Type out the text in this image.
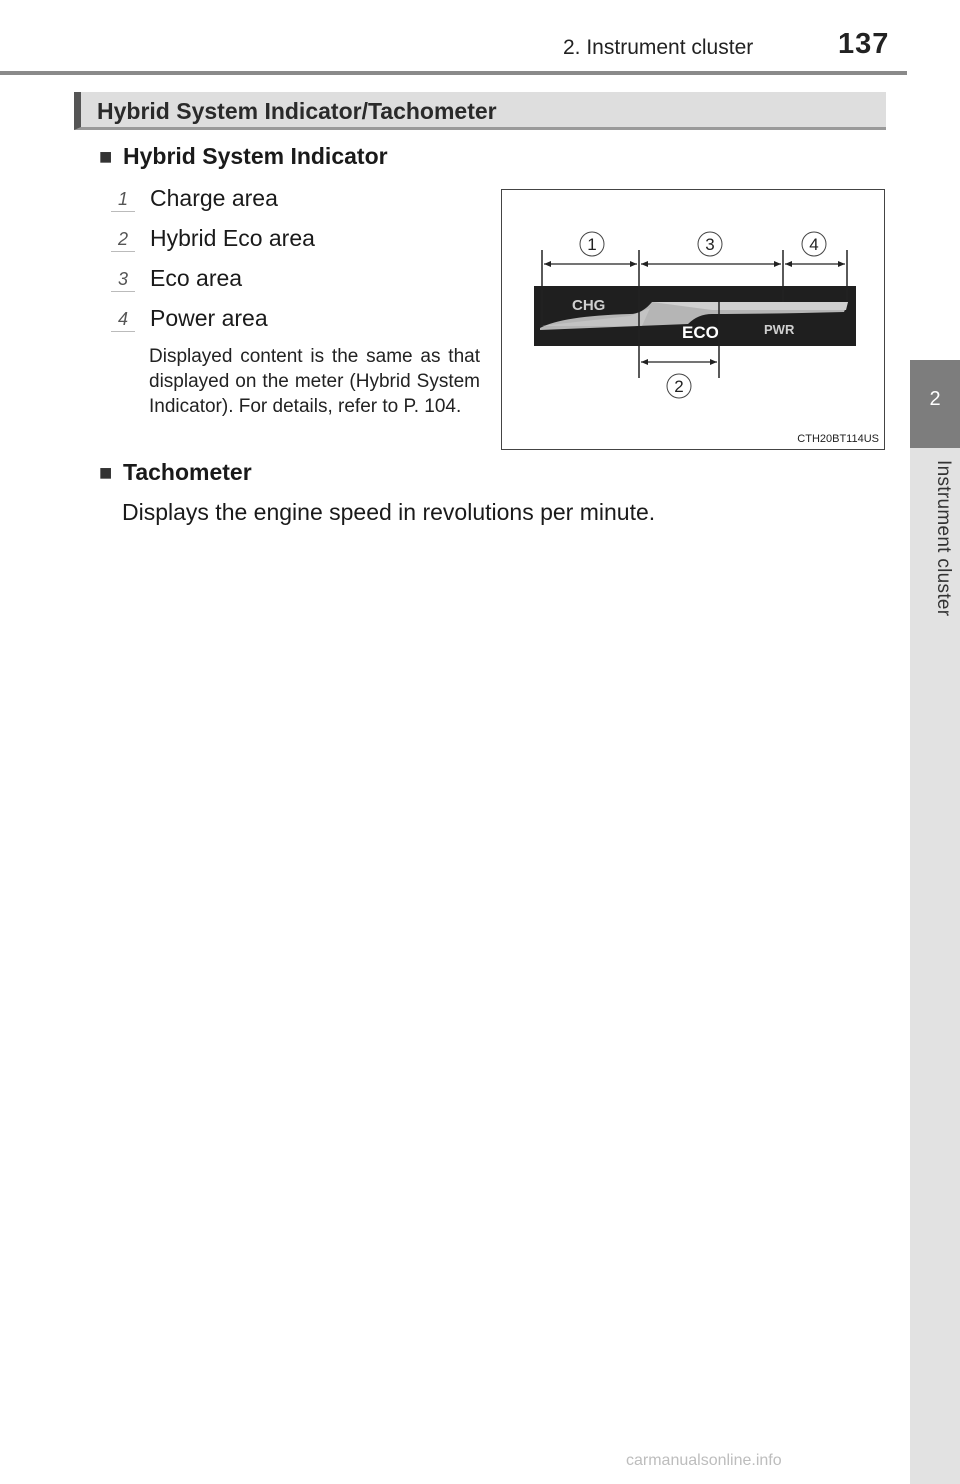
2. Instrument cluster	137
2
Instrument cluster
Hybrid System Indicator/Tachometer
■ Hybrid System Indicator
1 Charge area
2 Hybrid Eco area
3 Eco area
4 Power area
Displayed content is the same as that displayed on the meter (Hybrid System Indicator). For details, refer to P. 104.
CHG
ECO	PWR
1	3	4
2
CTH20BT114US
■ Tachometer
Displays the engine speed in revolutions per minute.
carmanualsonline.info
